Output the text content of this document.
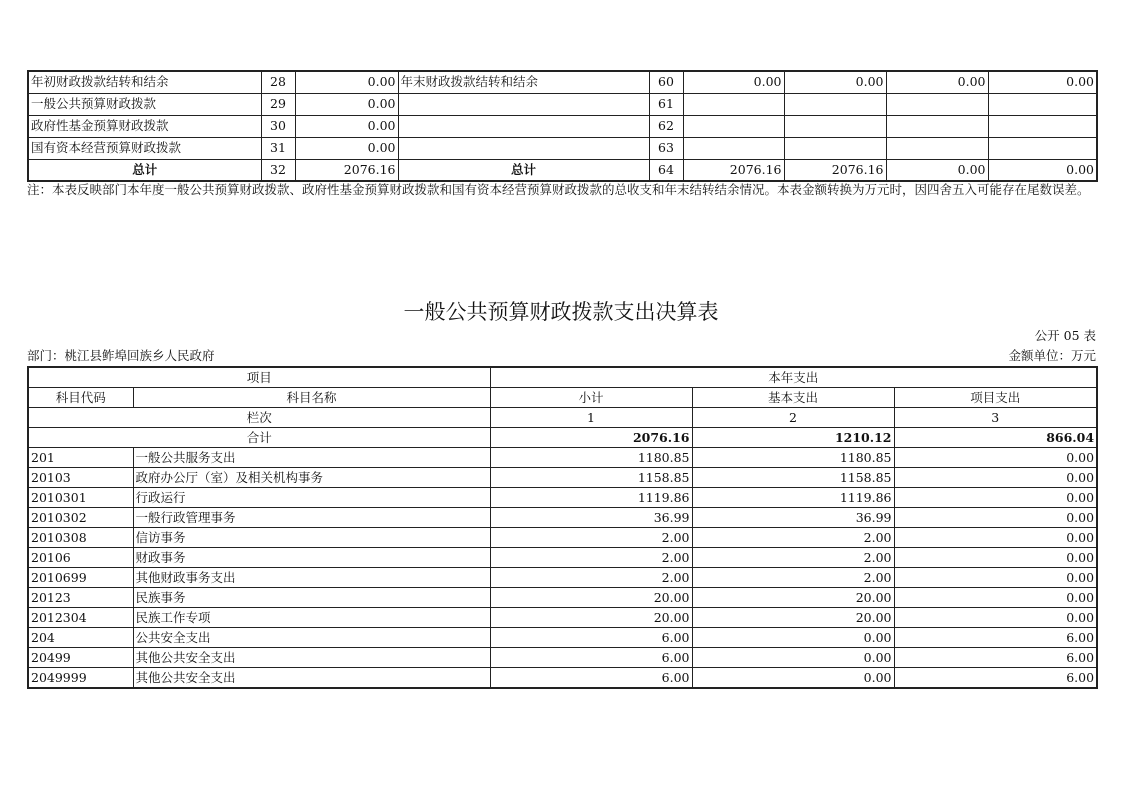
年初财政拨款结转和结余	28	0.00	年末财政拨款结转和结余	60	0.00	0.00	0.00	0.00
一般公共预算财政拨款	29	0.00		61				
政府性基金预算财政拨款	30	0.00		62				
国有资本经营预算财政拨款	31	0.00		63				
总计	32	2076.16	总计	64	2076.16	2076.16	0.00	0.00

注：本表反映部门本年度一般公共预算财政拨款、政府性基金预算财政拨款和国有资本经营预算财政拨款的总收支和年末结转结余情况。本表金额转换为万元时，因四舍五入可能存在尾数误差。

一般公共预算财政拨款支出决算表
公开 05 表
部门：桃江县鲊埠回族乡人民政府	金额单位：万元
项目		本年支出		
科目代码	科目名称	小计	基本支出	项目支出
栏次		1	2	3
合计		2076.16	1210.12	866.04
201	一般公共服务支出	1180.85	1180.85	0.00
20103	政府办公厅（室）及相关机构事务	1158.85	1158.85	0.00
2010301	行政运行	1119.86	1119.86	0.00
2010302	一般行政管理事务	36.99	36.99	0.00
2010308	信访事务	2.00	2.00	0.00
20106	财政事务	2.00	2.00	0.00
2010699	其他财政事务支出	2.00	2.00	0.00
20123	民族事务	20.00	20.00	0.00
2012304	民族工作专项	20.00	20.00	0.00
204	公共安全支出	6.00	0.00	6.00
20499	其他公共安全支出	6.00	0.00	6.00
2049999	其他公共安全支出	6.00	0.00	6.00
